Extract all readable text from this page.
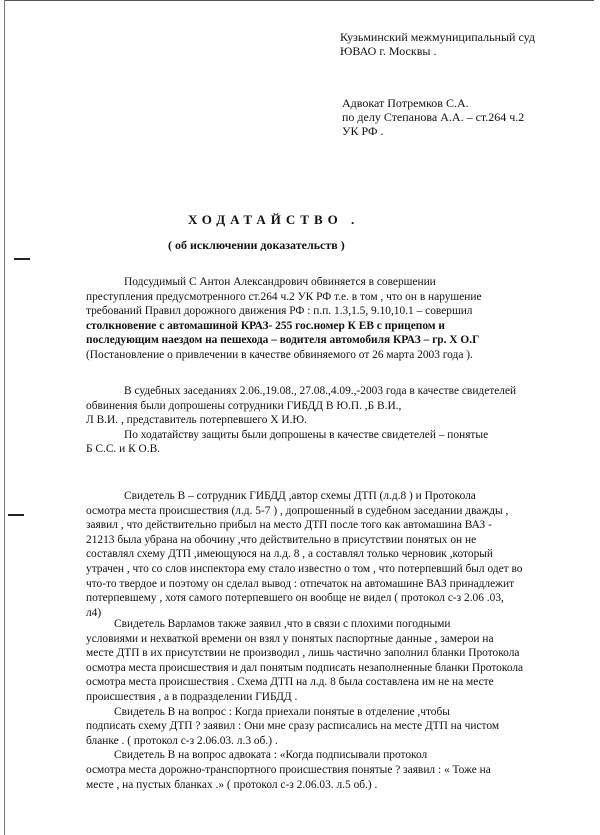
Кузьминский межмуниципальный суд
ЮВАО г. Москвы .
Адвокат Потремков С.А.
по делу Степанова А.А. – ст.264 ч.2
УК РФ .
ХОДАТАЙСТВО .
( об исключении доказательств )
Подсудимый С Антон Александрович обвиняется в совершении
преступления предусмотренного ст.264 ч.2 УК РФ т.е. в том , что он в нарушение
требований Правил дорожного движения РФ : п.п. 1.3,1.5, 9.10,10.1 – совершил
столкновение с автомашиной КРАЗ- 255 гос.номер К ЕВ с прицепом и
последующим наездом на пешехода – водителя автомобиля КРАЗ – гр. Х О.Г
(Постановление о привлечении в качестве обвиняемого от 26 марта 2003 года ).
В судебных заседаниях 2.06.,19.08., 27.08.,4.09.,-2003 года в качестве свидетелей
обвинения были допрошены сотрудники ГИБДД В Ю.П. ,Б В.И.,
Л В.И. , представитель потерпевшего Х И.Ю.
По ходатайству защиты были допрошены в качестве свидетелей – понятые
Б С.С. и К О.В.
Свидетель В – сотрудник ГИБДД ,автор схемы ДТП (л.д.8 ) и Протокола
осмотра места происшествия (л.д. 5-7 ) , допрошенный в судебном заседании дважды ,
заявил , что действительно прибыл на место ДТП после того как автомашина ВАЗ -
21213 была убрана на обочину ,что действительно в присутствии понятых он не
составлял схему ДТП ,имеющуюся на л.д. 8 , а составлял только черновик ,который
утрачен , что со слов инспектора ему стало известно о том , что потерпевший был одет во
что-то твердое и поэтому он сделал вывод : отпечаток на автомашине ВАЗ принадлежит
потерпевшему , хотя самого потерпевшего он вообще не видел ( протокол с-з 2.06 .03,
л4)
Свидетель Варламов также заявил ,что в связи с плохими погодными
условиями и нехваткой времени он взял у понятых паспортные данные , замерои на
месте ДТП в их присутствии не производил , лишь частично заполнил бланки Протокола
осмотра места происшествия и дал понятым подписать незаполненные бланки Протокола
осмотра места происшествия . Схема ДТП на л.д. 8 была составлена им не на месте
происшествия , а в подразделении ГИБДД .
Свидетель В на вопрос : Когда приехали понятые в отделение ,чтобы
подписать схему ДТП ? заявил : Они мне сразу расписались на месте ДТП на чистом
бланке . ( протокол с-з 2.06.03. л.3 об.) .
Свидетель В на вопрос адвоката : «Когда подписывали протокол
осмотра места дорожно-транспортного происшествия понятые ? заявил : « Тоже на
месте , на пустых бланках .» ( протокол с-з 2.06.03. л.5 об.) .
